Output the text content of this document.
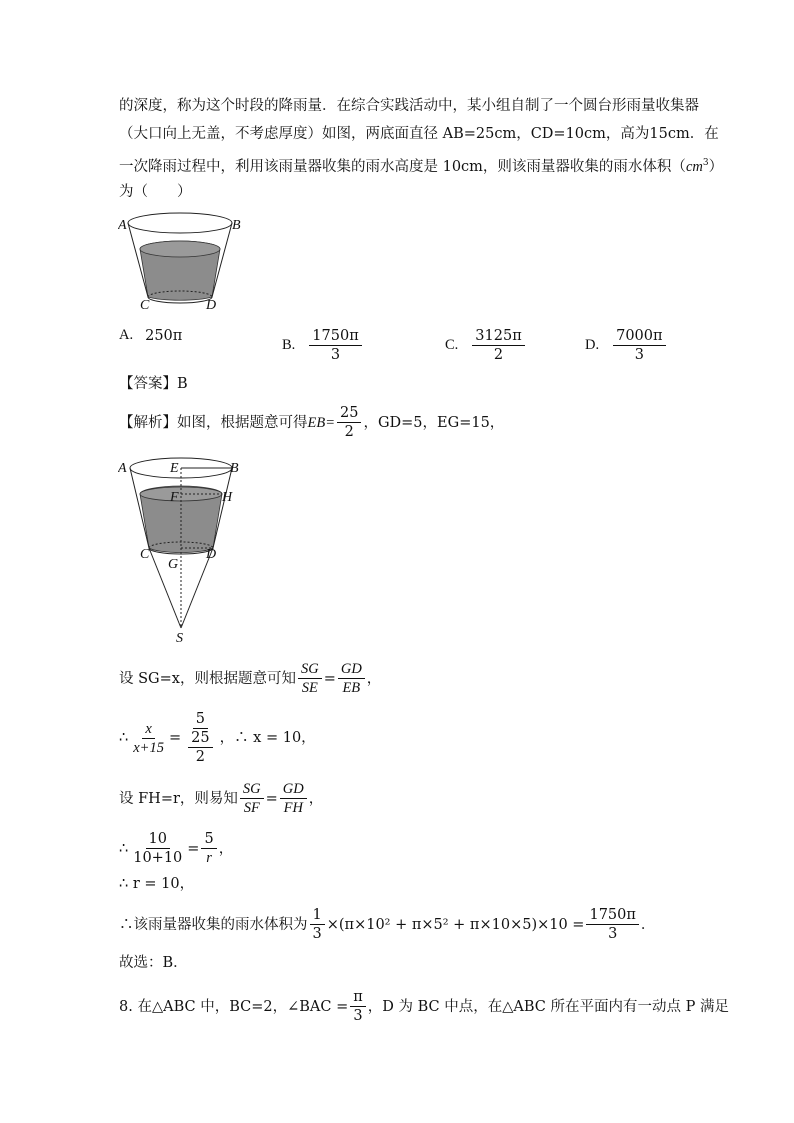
的深度，称为这个时段的降雨量．在综合实践活动中，某小组自制了一个圆台形雨量收集器
（大口向上无盖，不考虑厚度）如图，两底面直径 AB=25cm，CD=10cm，高为15cm．在
一次降雨过程中，利用该雨量器收集的雨水高度是 10cm，则该雨量器收集的雨水体积$(cm^3)$
为（　　）
A	B
C	D
A. 250π
B. $\frac{1750\pi}{3}$	C. $\frac{3125\pi}{2}$	D. $\frac{7000\pi}{3}$
【答案】B
【解析】 如图，根据题意可得 $EB= \frac{25}{2}$ ，GD=5，EG=15，
A	E	B
F	H
C
G
D
S
设 SG=x，则根据题意可知 $\frac{SG}{SE} = \frac{GD}{EB}$ ，
∴ $\frac{x}{x+15} = \frac{5}{\frac{25}{2}}$ ，∴ x = 10，
设 FH=r，则易知 $\frac{SG}{SF} = \frac{GD}{FH}$ ，
∴ $\frac{10}{10+10} = \frac{5}{r}$ ，
∴ r = 10，
∴该雨量器收集的雨水体积为 $\frac{1}{3} \times(\pi\times 10^2 + \pi\times 5^2 + \pi\times 10\times 5)\times 10 = \frac{1750\pi}{3}$ ．
故选：B．
8. 在△ABC 中，BC=2，∠BAC = $\frac{\pi}{3}$ ，D 为 BC 中点，在△ABC 所在平面内有一动点 P 满足
